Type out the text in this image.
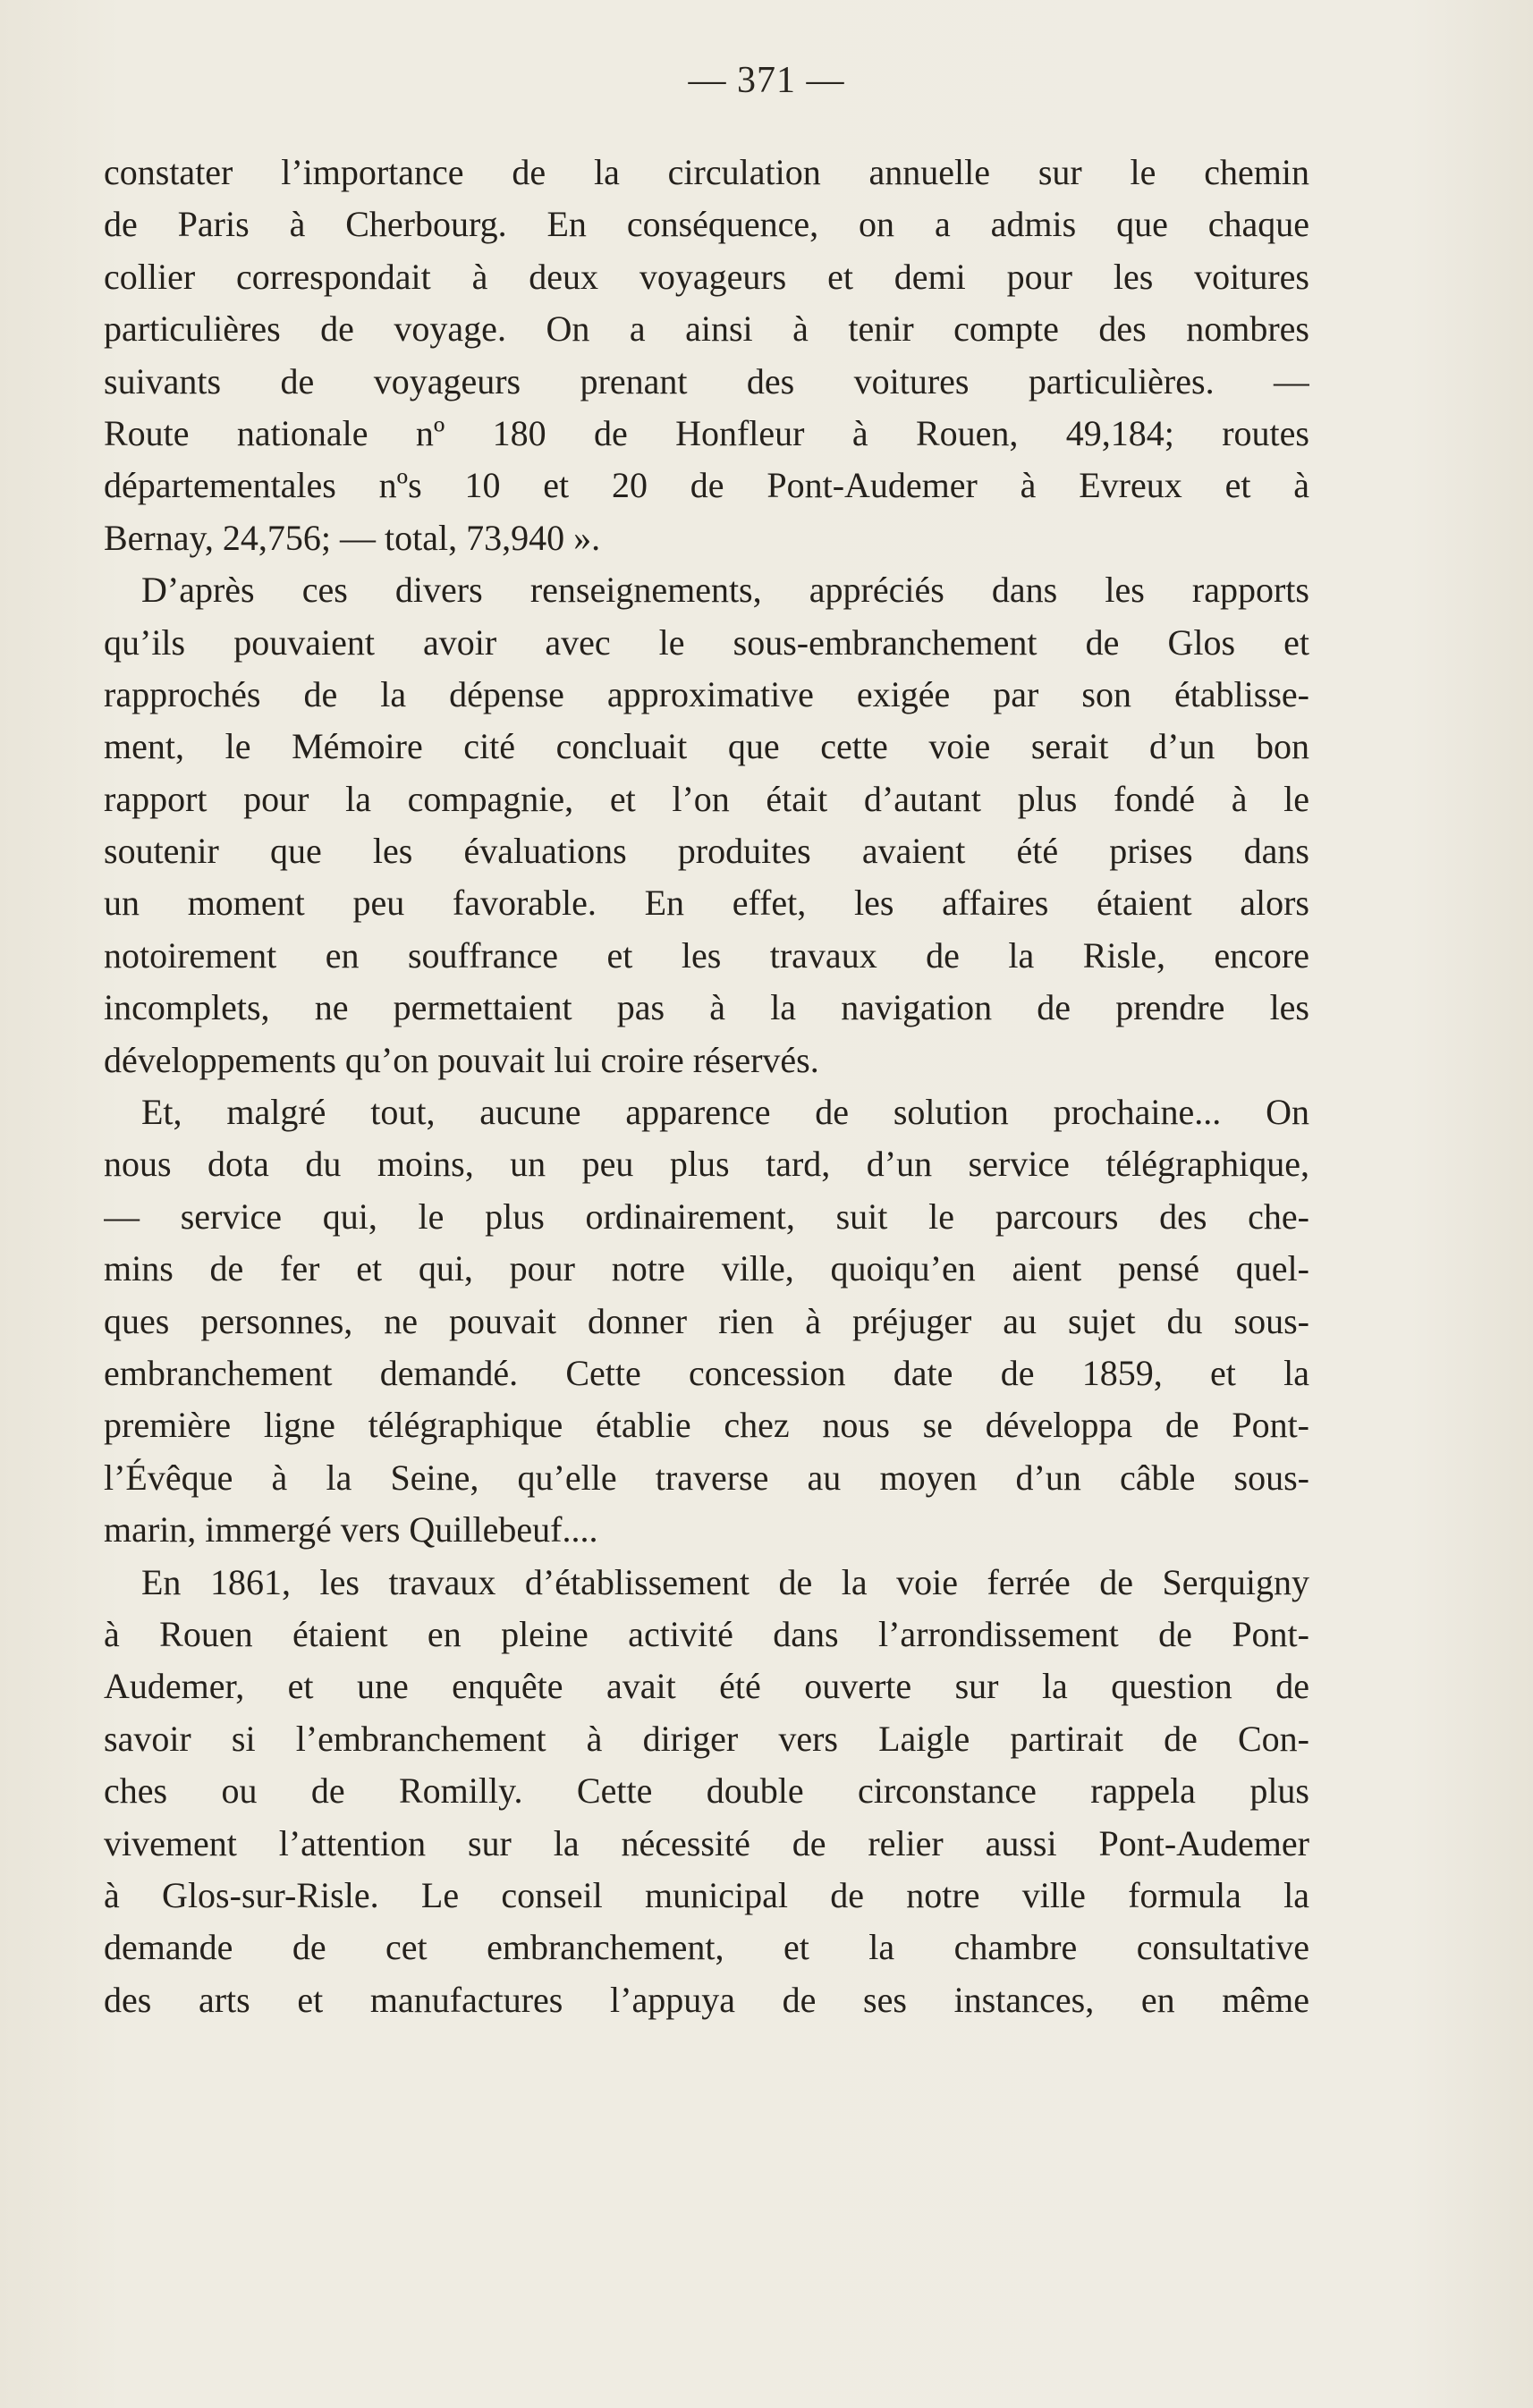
— 371 —
constater l’importance de la circulation annuelle sur le chemin
de Paris à Cherbourg. En conséquence, on a admis que chaque
collier correspondait à deux voyageurs et demi pour les voitures
particulières de voyage. On a ainsi à tenir compte des nombres
suivants de voyageurs prenant des voitures particulières. —
Route nationale nº 180 de Honfleur à Rouen, 49,184; routes
départementales nºs 10 et 20 de Pont-Audemer à Evreux et à
Bernay, 24,756; — total, 73,940 ».
D’après ces divers renseignements, appréciés dans les rapports
qu’ils pouvaient avoir avec le sous-embranchement de Glos et
rapprochés de la dépense approximative exigée par son établisse-
ment, le Mémoire cité concluait que cette voie serait d’un bon
rapport pour la compagnie, et l’on était d’autant plus fondé à le
soutenir que les évaluations produites avaient été prises dans
un moment peu favorable. En effet, les affaires étaient alors
notoirement en souffrance et les travaux de la Risle, encore
incomplets, ne permettaient pas à la navigation de prendre les
développements qu’on pouvait lui croire réservés.
Et, malgré tout, aucune apparence de solution prochaine... On
nous dota du moins, un peu plus tard, d’un service télégraphique,
— service qui, le plus ordinairement, suit le parcours des che-
mins de fer et qui, pour notre ville, quoiqu’en aient pensé quel-
ques personnes, ne pouvait donner rien à préjuger au sujet du sous-
embranchement demandé. Cette concession date de 1859, et la
première ligne télégraphique établie chez nous se développa de Pont-
l’Évêque à la Seine, qu’elle traverse au moyen d’un câble sous-
marin, immergé vers Quillebeuf....
En 1861, les travaux d’établissement de la voie ferrée de Serquigny
à Rouen étaient en pleine activité dans l’arrondissement de Pont-
Audemer, et une enquête avait été ouverte sur la question de
savoir si l’embranchement à diriger vers Laigle partirait de Con-
ches ou de Romilly. Cette double circonstance rappela plus
vivement l’attention sur la nécessité de relier aussi Pont-Audemer
à Glos-sur-Risle. Le conseil municipal de notre ville formula la
demande de cet embranchement, et la chambre consultative
des arts et manufactures l’appuya de ses instances, en même
